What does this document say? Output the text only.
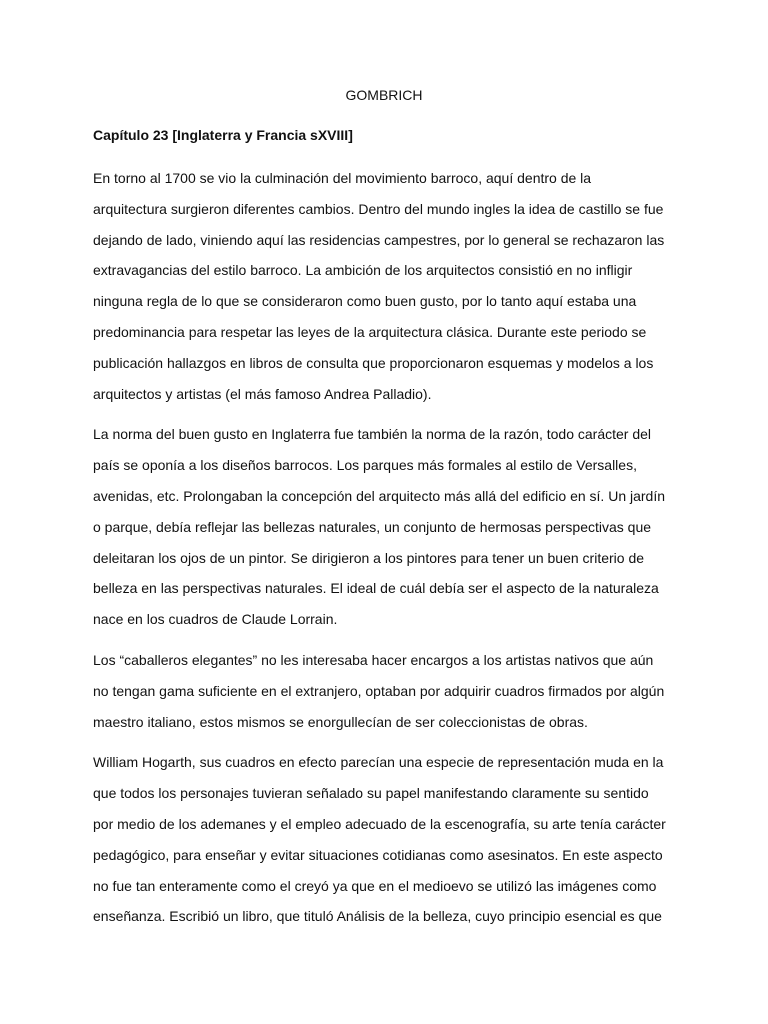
GOMBRICH
Capítulo 23 [Inglaterra y Francia sXVIII]

En torno al 1700 se vio la culminación del movimiento barroco, aquí dentro de la
arquitectura surgieron diferentes cambios. Dentro del mundo ingles la idea de castillo se fue
dejando de lado, viniendo aquí las residencias campestres, por lo general se rechazaron las
extravagancias del estilo barroco. La ambición de los arquitectos consistió en no infligir
ninguna regla de lo que se consideraron como buen gusto, por lo tanto aquí estaba una
predominancia para respetar las leyes de la arquitectura clásica. Durante este periodo se
publicación hallazgos en libros de consulta que proporcionaron esquemas y modelos a los
arquitectos y artistas (el más famoso Andrea Palladio).

La norma del buen gusto en Inglaterra fue también la norma de la razón, todo carácter del
país se oponía a los diseños barrocos. Los parques más formales al estilo de Versalles,
avenidas, etc. Prolongaban la concepción del arquitecto más allá del edificio en sí. Un jardín
o parque, debía reflejar las bellezas naturales, un conjunto de hermosas perspectivas que
deleitaran los ojos de un pintor. Se dirigieron a los pintores para tener un buen criterio de
belleza en las perspectivas naturales. El ideal de cuál debía ser el aspecto de la naturaleza
nace en los cuadros de Claude Lorrain.

Los “caballeros elegantes” no les interesaba hacer encargos a los artistas nativos que aún
no tengan gama suficiente en el extranjero, optaban por adquirir cuadros firmados por algún
maestro italiano, estos mismos se enorgullecían de ser coleccionistas de obras.

William Hogarth, sus cuadros en efecto parecían una especie de representación muda en la
que todos los personajes tuvieran señalado su papel manifestando claramente su sentido
por medio de los ademanes y el empleo adecuado de la escenografía, su arte tenía carácter
pedagógico, para enseñar y evitar situaciones cotidianas como asesinatos. En este aspecto
no fue tan enteramente como el creyó ya que en el medioevo se utilizó las imágenes como
enseñanza. Escribió un libro, que tituló Análisis de la belleza, cuyo principio esencial es que
